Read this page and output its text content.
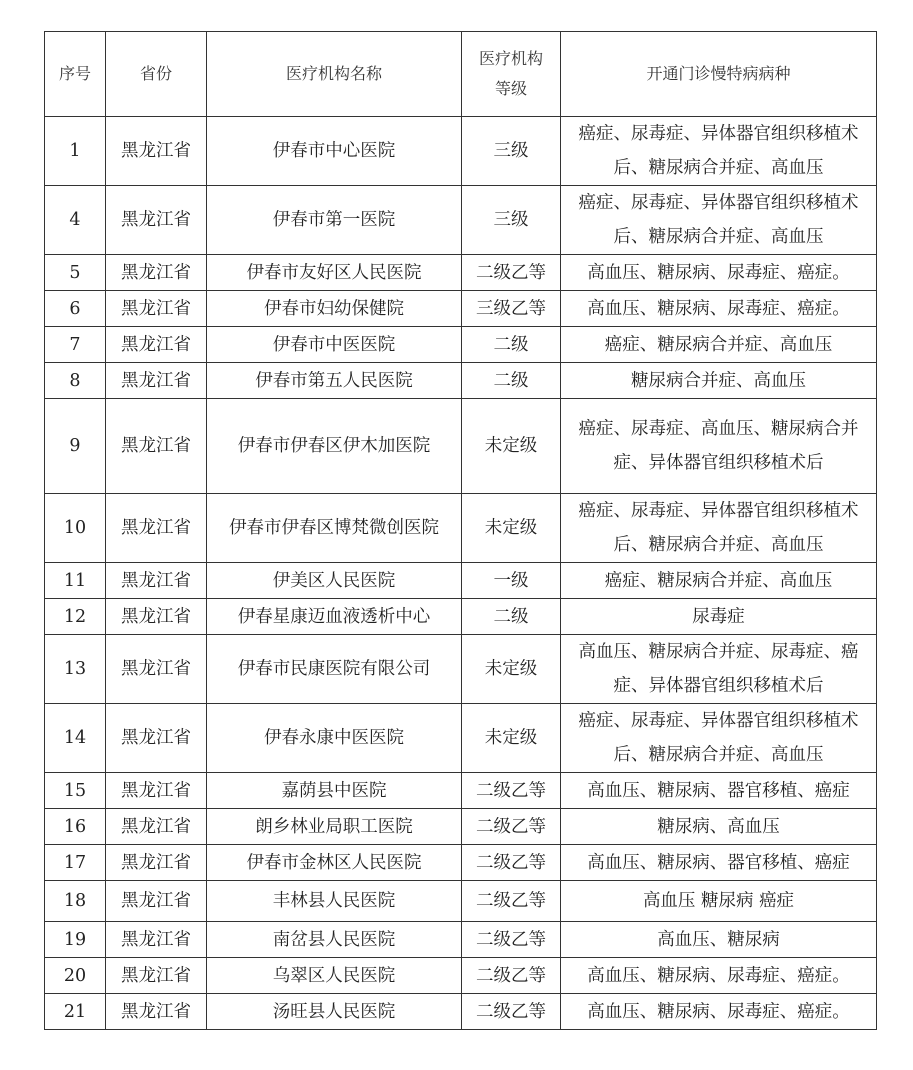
序号	省份	医疗机构名称	医疗机构等级	开通门诊慢特病病种
1	黑龙江省	伊春市中心医院	三级	癌症、尿毒症、异体器官组织移植术后、糖尿病合并症、高血压
4	黑龙江省	伊春市第一医院	三级	癌症、尿毒症、异体器官组织移植术后、糖尿病合并症、高血压
5	黑龙江省	伊春市友好区人民医院	二级乙等	高血压、糖尿病、尿毒症、癌症。
6	黑龙江省	伊春市妇幼保健院	三级乙等	高血压、糖尿病、尿毒症、癌症。
7	黑龙江省	伊春市中医医院	二级	癌症、糖尿病合并症、高血压
8	黑龙江省	伊春市第五人民医院	二级	糖尿病合并症、高血压
9	黑龙江省	伊春市伊春区伊木加医院	未定级	癌症、尿毒症、高血压、糖尿病合并症、异体器官组织移植术后
10	黑龙江省	伊春市伊春区博梵微创医院	未定级	癌症、尿毒症、异体器官组织移植术后、糖尿病合并症、高血压
11	黑龙江省	伊美区人民医院	一级	癌症、糖尿病合并症、高血压
12	黑龙江省	伊春星康迈血液透析中心	二级	尿毒症
13	黑龙江省	伊春市民康医院有限公司	未定级	高血压、糖尿病合并症、尿毒症、癌症、异体器官组织移植术后
14	黑龙江省	伊春永康中医医院	未定级	癌症、尿毒症、异体器官组织移植术后、糖尿病合并症、高血压
15	黑龙江省	嘉荫县中医院	二级乙等	高血压、糖尿病、器官移植、癌症
16	黑龙江省	朗乡林业局职工医院	二级乙等	糖尿病、高血压
17	黑龙江省	伊春市金林区人民医院	二级乙等	高血压、糖尿病、器官移植、癌症
18	黑龙江省	丰林县人民医院	二级乙等	高血压 糖尿病 癌症
19	黑龙江省	南岔县人民医院	二级乙等	高血压、糖尿病
20	黑龙江省	乌翠区人民医院	二级乙等	高血压、糖尿病、尿毒症、癌症。
21	黑龙江省	汤旺县人民医院	二级乙等	高血压、糖尿病、尿毒症、癌症。
